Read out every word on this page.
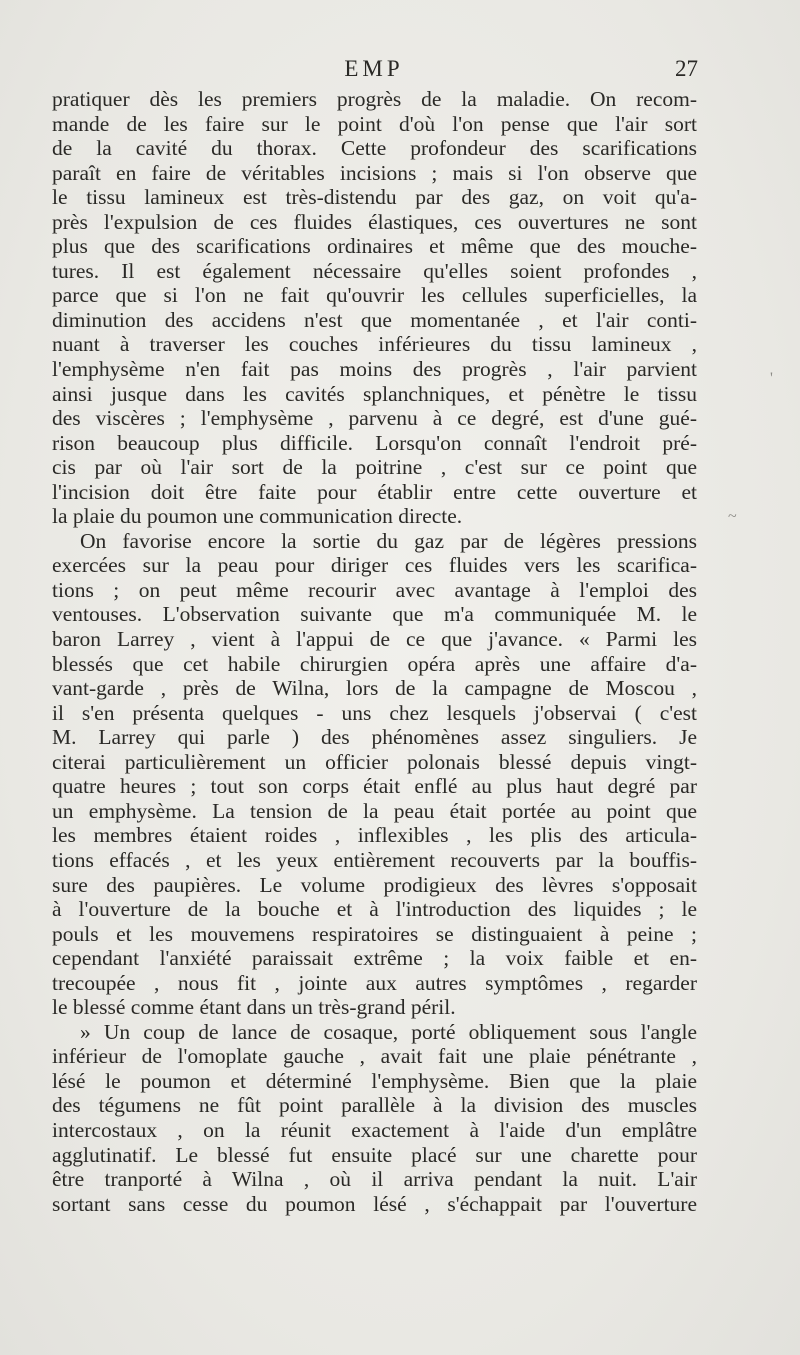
EMP	27
pratiquer dès les premiers progrès de la maladie. On recom-
mande de les faire sur le point d'où l'on pense que l'air sort
de la cavité du thorax. Cette profondeur des scarifications
paraît en faire de véritables incisions ; mais si l'on observe que
le tissu lamineux est très-distendu par des gaz, on voit qu'a-
près l'expulsion de ces fluides élastiques, ces ouvertures ne sont
plus que des scarifications ordinaires et même que des mouche-
tures. Il est également nécessaire qu'elles soient profondes ,
parce que si l'on ne fait qu'ouvrir les cellules superficielles, la
diminution des accidens n'est que momentanée , et l'air conti-
nuant à traverser les couches inférieures du tissu lamineux ,
l'emphysème n'en fait pas moins des progrès , l'air parvient
ainsi jusque dans les cavités splanchniques, et pénètre le tissu
des viscères ; l'emphysème , parvenu à ce degré, est d'une gué-
rison beaucoup plus difficile. Lorsqu'on connaît l'endroit pré-
cis par où l'air sort de la poitrine , c'est sur ce point que
l'incision doit être faite pour établir entre cette ouverture et
la plaie du poumon une communication directe.
On favorise encore la sortie du gaz par de légères pressions
exercées sur la peau pour diriger ces fluides vers les scarifica-
tions ; on peut même recourir avec avantage à l'emploi des
ventouses. L'observation suivante que m'a communiquée M. le
baron Larrey , vient à l'appui de ce que j'avance. « Parmi les
blessés que cet habile chirurgien opéra après une affaire d'a-
vant-garde , près de Wilna, lors de la campagne de Moscou ,
il s'en présenta quelques - uns chez lesquels j'observai ( c'est
M. Larrey qui parle ) des phénomènes assez singuliers. Je
citerai particulièrement un officier polonais blessé depuis vingt-
quatre heures ; tout son corps était enflé au plus haut degré par
un emphysème. La tension de la peau était portée au point que
les membres étaient roides , inflexibles , les plis des articula-
tions effacés , et les yeux entièrement recouverts par la bouffis-
sure des paupières. Le volume prodigieux des lèvres s'opposait
à l'ouverture de la bouche et à l'introduction des liquides ; le
pouls et les mouvemens respiratoires se distinguaient à peine ;
cependant l'anxiété paraissait extrême ; la voix faible et en-
trecoupée , nous fit , jointe aux autres symptômes , regarder
le blessé comme étant dans un très-grand péril.
» Un coup de lance de cosaque, porté obliquement sous l'angle
inférieur de l'omoplate gauche , avait fait une plaie pénétrante ,
lésé le poumon et déterminé l'emphysème. Bien que la plaie
des tégumens ne fût point parallèle à la division des muscles
intercostaux , on la réunit exactement à l'aide d'un emplâtre
agglutinatif. Le blessé fut ensuite placé sur une charette pour
être tranporté à Wilna , où il arriva pendant la nuit. L'air
sortant sans cesse du poumon lésé , s'échappait par l'ouverture
'
~
